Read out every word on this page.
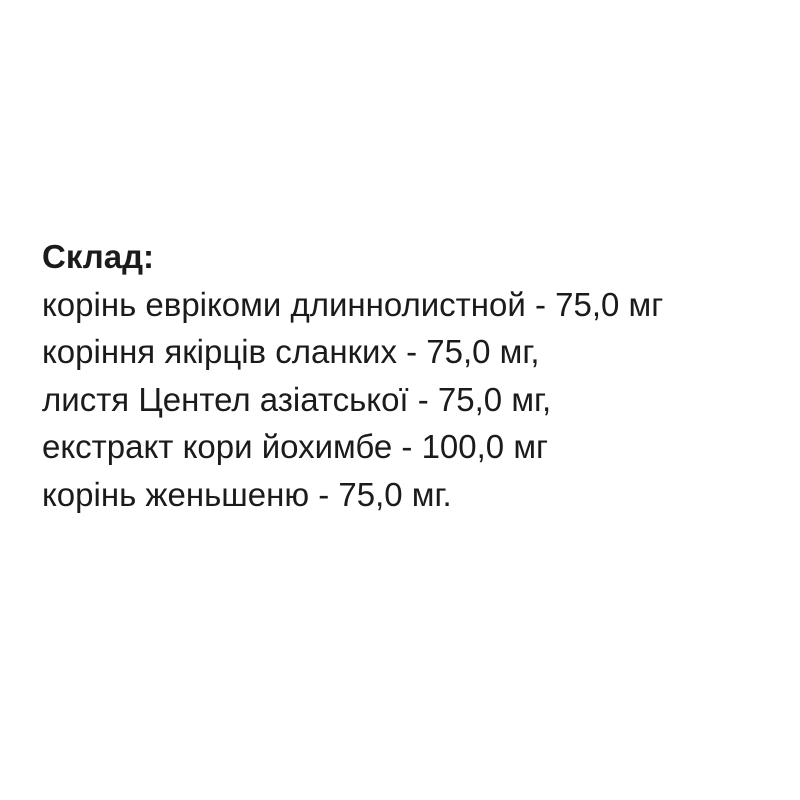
Склад:
корінь еврікоми длиннолистной - 75,0 мг
коріння якірців сланких - 75,0 мг,
листя Центел азіатської - 75,0 мг,
екстракт кори йохимбе - 100,0 мг
корінь женьшеню - 75,0 мг.
